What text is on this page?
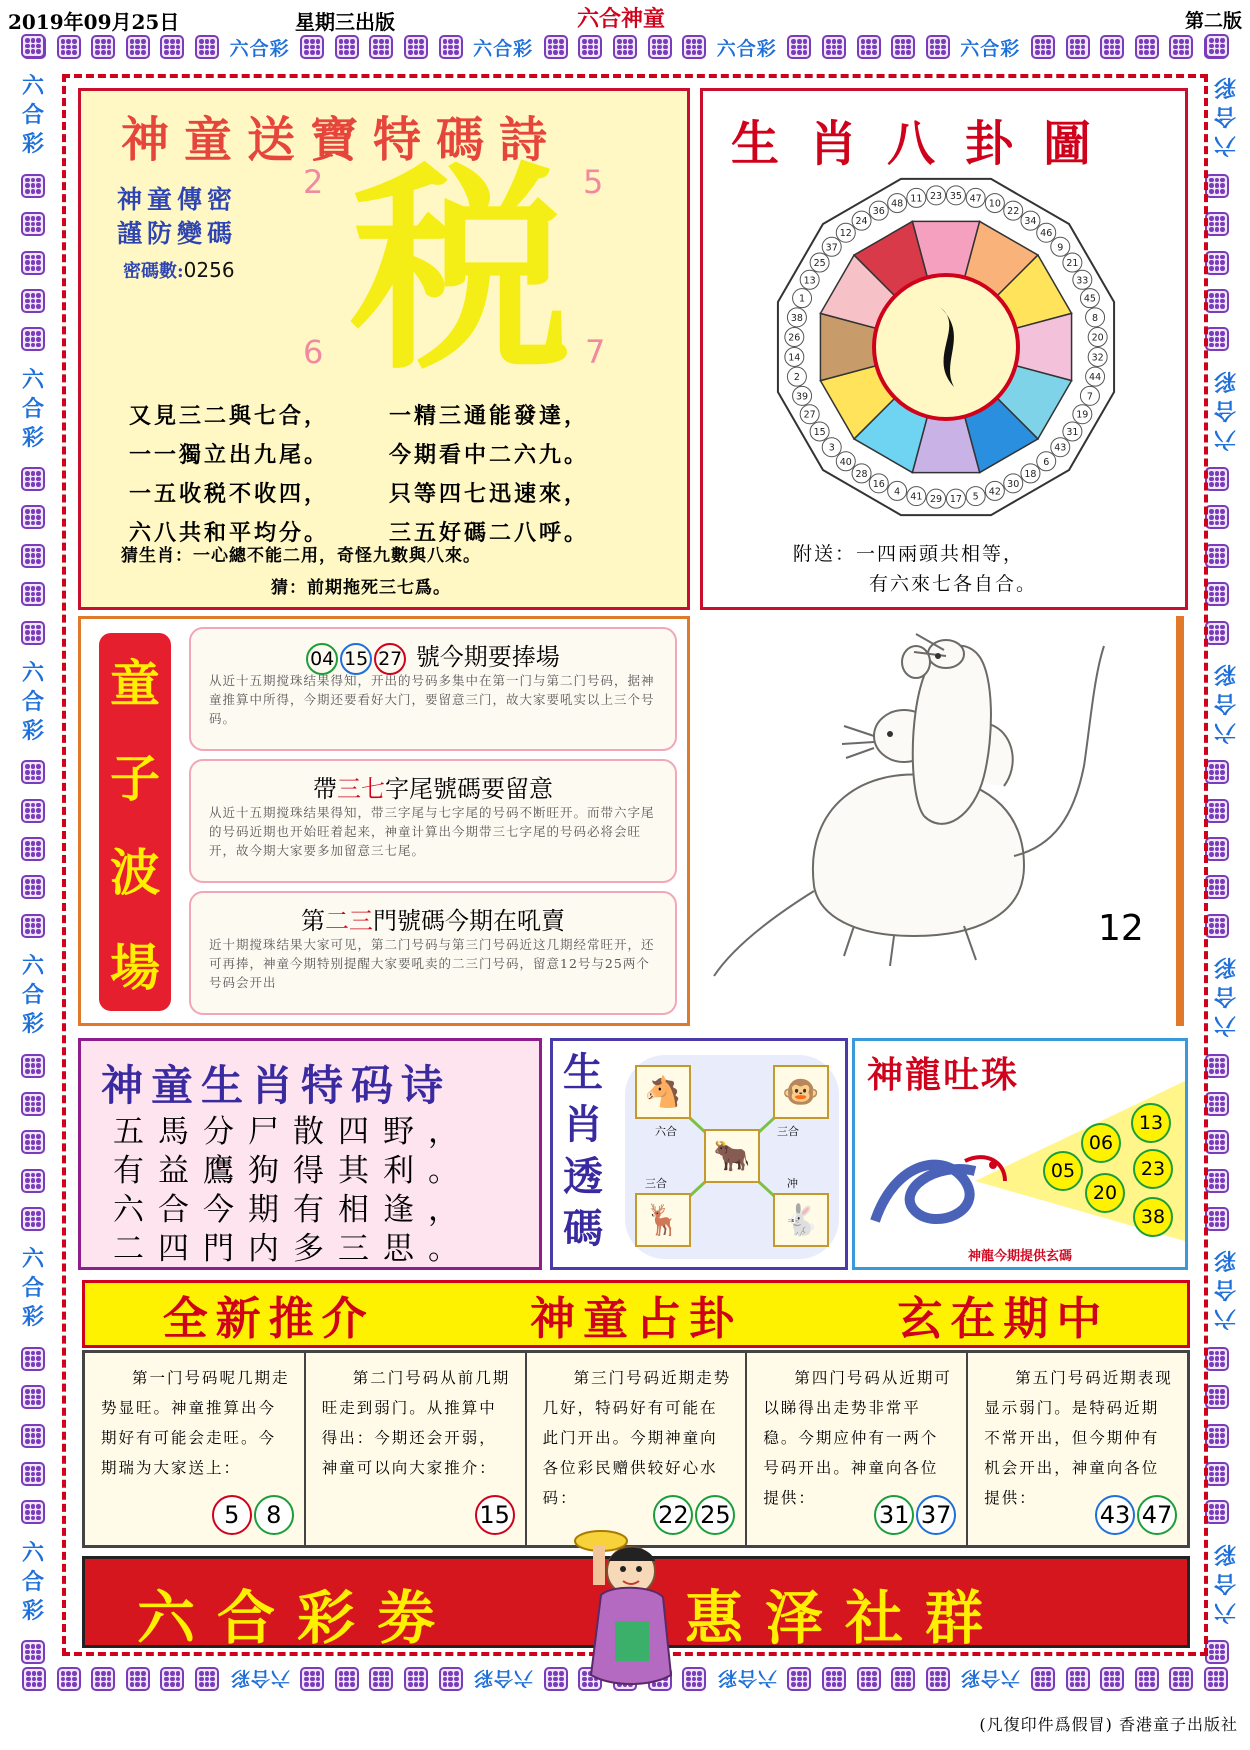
2019年09月25日	星期三出版	六合神童	第二版
六合彩	六合彩	六合彩	六合彩
六合彩	六合彩	六合彩	六合彩
六
合
彩
六
合
彩
六
合
彩
六
合
彩
六
合
彩
六
合
彩
六合彩
六合彩
六合彩
六合彩
六合彩
六合彩
神童送寶特碼詩
神童傳密
謹防變碼
密碼數:0256 税
2	5
6	7
又見三二與七合，	一精三通能發達，
一一獨立出九尾。	今期看中二六九。
一五收税不收四，	只等四七迅速來，
六八共和平均分。	三五好碼二八呼。
猜生肖：一心總不能二用，奇怪九數與八來。
猜：前期拖死三七爲。
生肖八卦圖
11 23 35 47 10
22
34
46
9
21
33
45
8
20
32
44
7
19
31
43
6
18
30
42
5
17
29
41
4
16
28
40
3
15
27
39
2
14
26
38
1
13
25
37
12
24
36
48
附送：一四兩頭共相等，
有六來七各自合。
童
子
波
場
04 15 27 號今期要捧場
从近十五期搅珠结果得知，开出的号码多集中在第一门与第二门号码，据神童推算中所得，今期还要看好大门，要留意三门，故大家要吼实以上三个号码。
帶三七字尾號碼要留意
从近十五期搅珠结果得知，带三字尾与七字尾的号码不断旺开。而带六字尾的号码近期也开始旺着起来，神童计算出今期带三七字尾的号码必将会旺开，故今期大家要多加留意三七尾。
第二三門號碼今期在吼賣
近十期搅珠结果大家可见，第二门号码与第三门号码近这几期经常旺开，还可再捧，神童今期特别提醒大家要吼卖的二三门号码，留意12号与25两个号码会开出
12
神童生肖特码诗
五馬分尸散四野，
有益鷹狗得其利。
六合今期有相逢，
二四門内多三思。
生
肖
透
碼
🐴	🐵
🐂
🦌	🐇
六合	三合
三合	冲
神龍吐珠
13
06
23
05
20
38
神龍今期提供玄碼
全新推介	神童占卦	玄在期中
第一门号码呢几期走势显旺。神童推算出今期好有可能会走旺。今期瑞为大家送上：
5	8
第二门号码从前几期旺走到弱门。从推算中得出：今期还会开弱，神童可以向大家推介：
15
第三门号码近期走势几好，特码好有可能在此门开出。今期神童向各位彩民赠供较好心水码：
22 25
第四门号码从近期可以睇得出走势非常平稳。今期应仲有一两个号码开出。神童向各位提供：
31 37
第五门号码近期表现显示弱门。是特码近期不常开出，但今期仲有机会开出，神童向各位提供：
43 47
六合彩劵	惠泽社群
(凡復印件爲假冒) 香港童子出版社
